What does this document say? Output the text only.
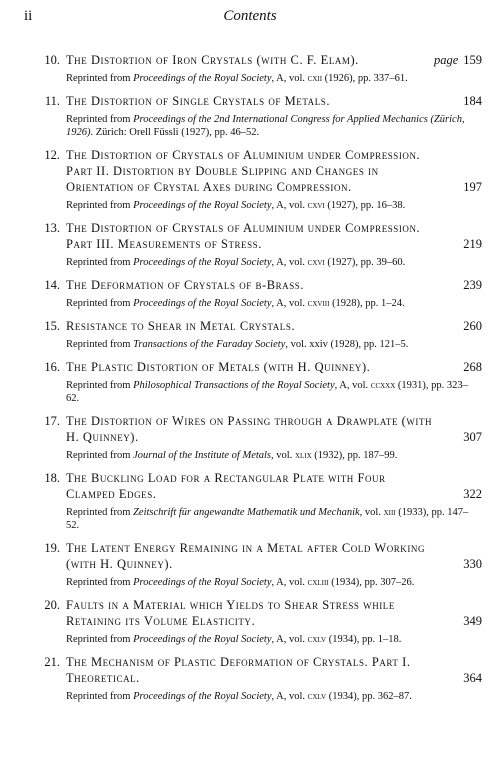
ii	Contents
10. The Distortion of Iron Crystals (with C. F. Elam).	page 159
Reprinted from Proceedings of the Royal Society, A, vol. cxii (1926), pp. 337–61.
11. The Distortion of Single Crystals of Metals.	184
Reprinted from Proceedings of the 2nd International Congress for Applied Mechanics (Zürich, 1926). Zürich: Orell Füssli (1927), pp. 46–52.
12. The Distortion of Crystals of Aluminium under Compression. Part II. Distortion by Double Slipping and Changes in Orientation of Crystal Axes during Compression.	197
Reprinted from Proceedings of the Royal Society, A, vol. cxvi (1927), pp. 16–38.
13. The Distortion of Crystals of Aluminium under Compression. Part III. Measurements of Stress.	219
Reprinted from Proceedings of the Royal Society, A, vol. cxvi (1927), pp. 39–60.
14. The Deformation of Crystals of β-Brass.	239
Reprinted from Proceedings of the Royal Society, A, vol. cxviii (1928), pp. 1–24.
15. Resistance to Shear in Metal Crystals.	260
Reprinted from Transactions of the Faraday Society, vol. xxiv (1928), pp. 121–5.
16. The Plastic Distortion of Metals (with H. Quinney).	268
Reprinted from Philosophical Transactions of the Royal Society, A, vol. ccxxx (1931), pp. 323–62.
17. The Distortion of Wires on Passing through a Drawplate (with H. Quinney).	307
Reprinted from Journal of the Institute of Metals, vol. xlix (1932), pp. 187–99.
18. The Buckling Load for a Rectangular Plate with Four Clamped Edges.	322
Reprinted from Zeitschrift für angewandte Mathematik und Mechanik, vol. xiii (1933), pp. 147–52.
19. The Latent Energy Remaining in a Metal after Cold Working (with H. Quinney).	330
Reprinted from Proceedings of the Royal Society, A, vol. cxliii (1934), pp. 307–26.
20. Faults in a Material which Yields to Shear Stress while Retaining its Volume Elasticity.	349
Reprinted from Proceedings of the Royal Society, A, vol. cxlv (1934), pp. 1–18.
21. The Mechanism of Plastic Deformation of Crystals. Part I. Theoretical.	364
Reprinted from Proceedings of the Royal Society, A, vol. cxlv (1934), pp. 362–87.
